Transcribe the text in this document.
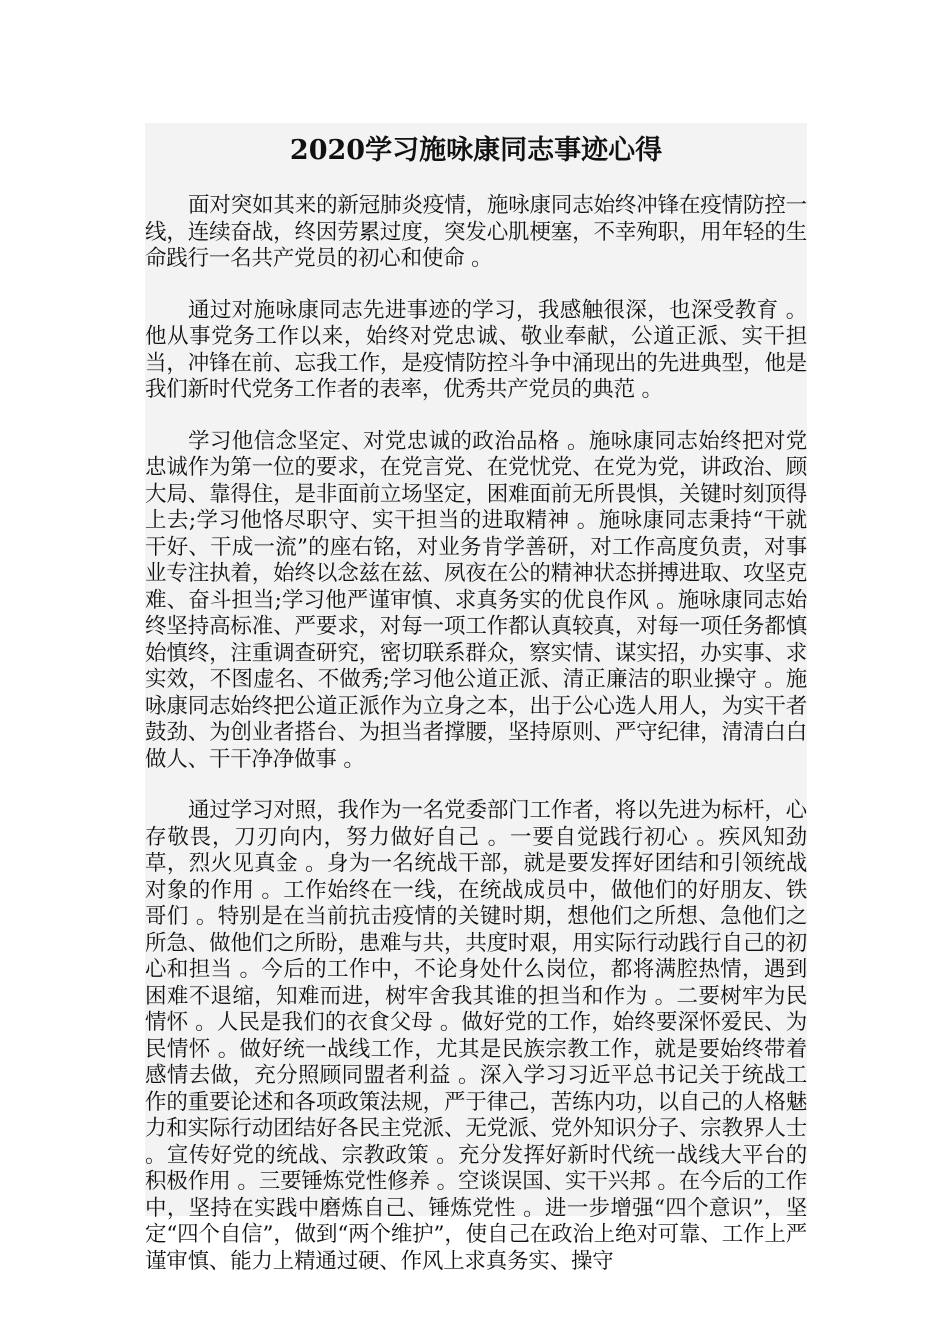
2020学习施咏康同志事迹心得

面对突如其来的新冠肺炎疫情，施咏康同志始终冲锋在疫情防控一线，连续奋战，终因劳累过度，突发心肌梗塞，不幸殉职，用年轻的生命践行一名共产党员的初心和使命 。

通过对施咏康同志先进事迹的学习，我感触很深，也深受教育 。他从事党务工作以来，始终对党忠诚、敬业奉献，公道正派、实干担当，冲锋在前、忘我工作，是疫情防控斗争中涌现出的先进典型，他是我们新时代党务工作者的表率，优秀共产党员的典范 。

学习他信念坚定、对党忠诚的政治品格 。施咏康同志始终把对党忠诚作为第一位的要求，在党言党、在党忧党、在党为党，讲政治、顾大局、靠得住，是非面前立场坚定，困难面前无所畏惧，关键时刻顶得上去;学习他恪尽职守、实干担当的进取精神 。施咏康同志秉持“干就干好、干成一流”的座右铭，对业务肯学善研，对工作高度负责，对事业专注执着，始终以念兹在兹、夙夜在公的精神状态拼搏进取、攻坚克难、奋斗担当;学习他严谨审慎、求真务实的优良作风 。施咏康同志始终坚持高标准、严要求，对每一项工作都认真较真，对每一项任务都慎始慎终，注重调查研究，密切联系群众，察实情、谋实招，办实事、求实效，不图虚名、不做秀;学习他公道正派、清正廉洁的职业操守 。施咏康同志始终把公道正派作为立身之本，出于公心选人用人，为实干者鼓劲、为创业者搭台、为担当者撑腰，坚持原则、严守纪律，清清白白做人、干干净净做事 。

通过学习对照，我作为一名党委部门工作者，将以先进为标杆，心存敬畏，刀刃向内，努力做好自己 。一要自觉践行初心 。疾风知劲草，烈火见真金 。身为一名统战干部，就是要发挥好团结和引领统战对象的作用 。工作始终在一线，在统战成员中，做他们的好朋友、铁哥们 。特别是在当前抗击疫情的关键时期，想他们之所想、急他们之所急、做他们之所盼，患难与共，共度时艰，用实际行动践行自己的初心和担当 。今后的工作中，不论身处什么岗位，都将满腔热情，遇到困难不退缩，知难而进，树牢舍我其谁的担当和作为 。二要树牢为民情怀 。人民是我们的衣食父母 。做好党的工作，始终要深怀爱民、为民情怀 。做好统一战线工作，尤其是民族宗教工作，就是要始终带着感情去做，充分照顾同盟者利益 。深入学习习近平总书记关于统战工作的重要论述和各项政策法规，严于律己，苦练内功，以自己的人格魅力和实际行动团结好各民主党派、无党派、党外知识分子、宗教界人士 。宣传好党的统战、宗教政策 。充分发挥好新时代统一战线大平台的积极作用 。三要锤炼党性修养 。空谈误国、实干兴邦 。在今后的工作中，坚持在实践中磨炼自己、锤炼党性 。进一步增强“四个意识”，坚定“四个自信”，做到“两个维护”，使自己在政治上绝对可靠、工作上严谨审慎、能力上精通过硬、作风上求真务实、操守
